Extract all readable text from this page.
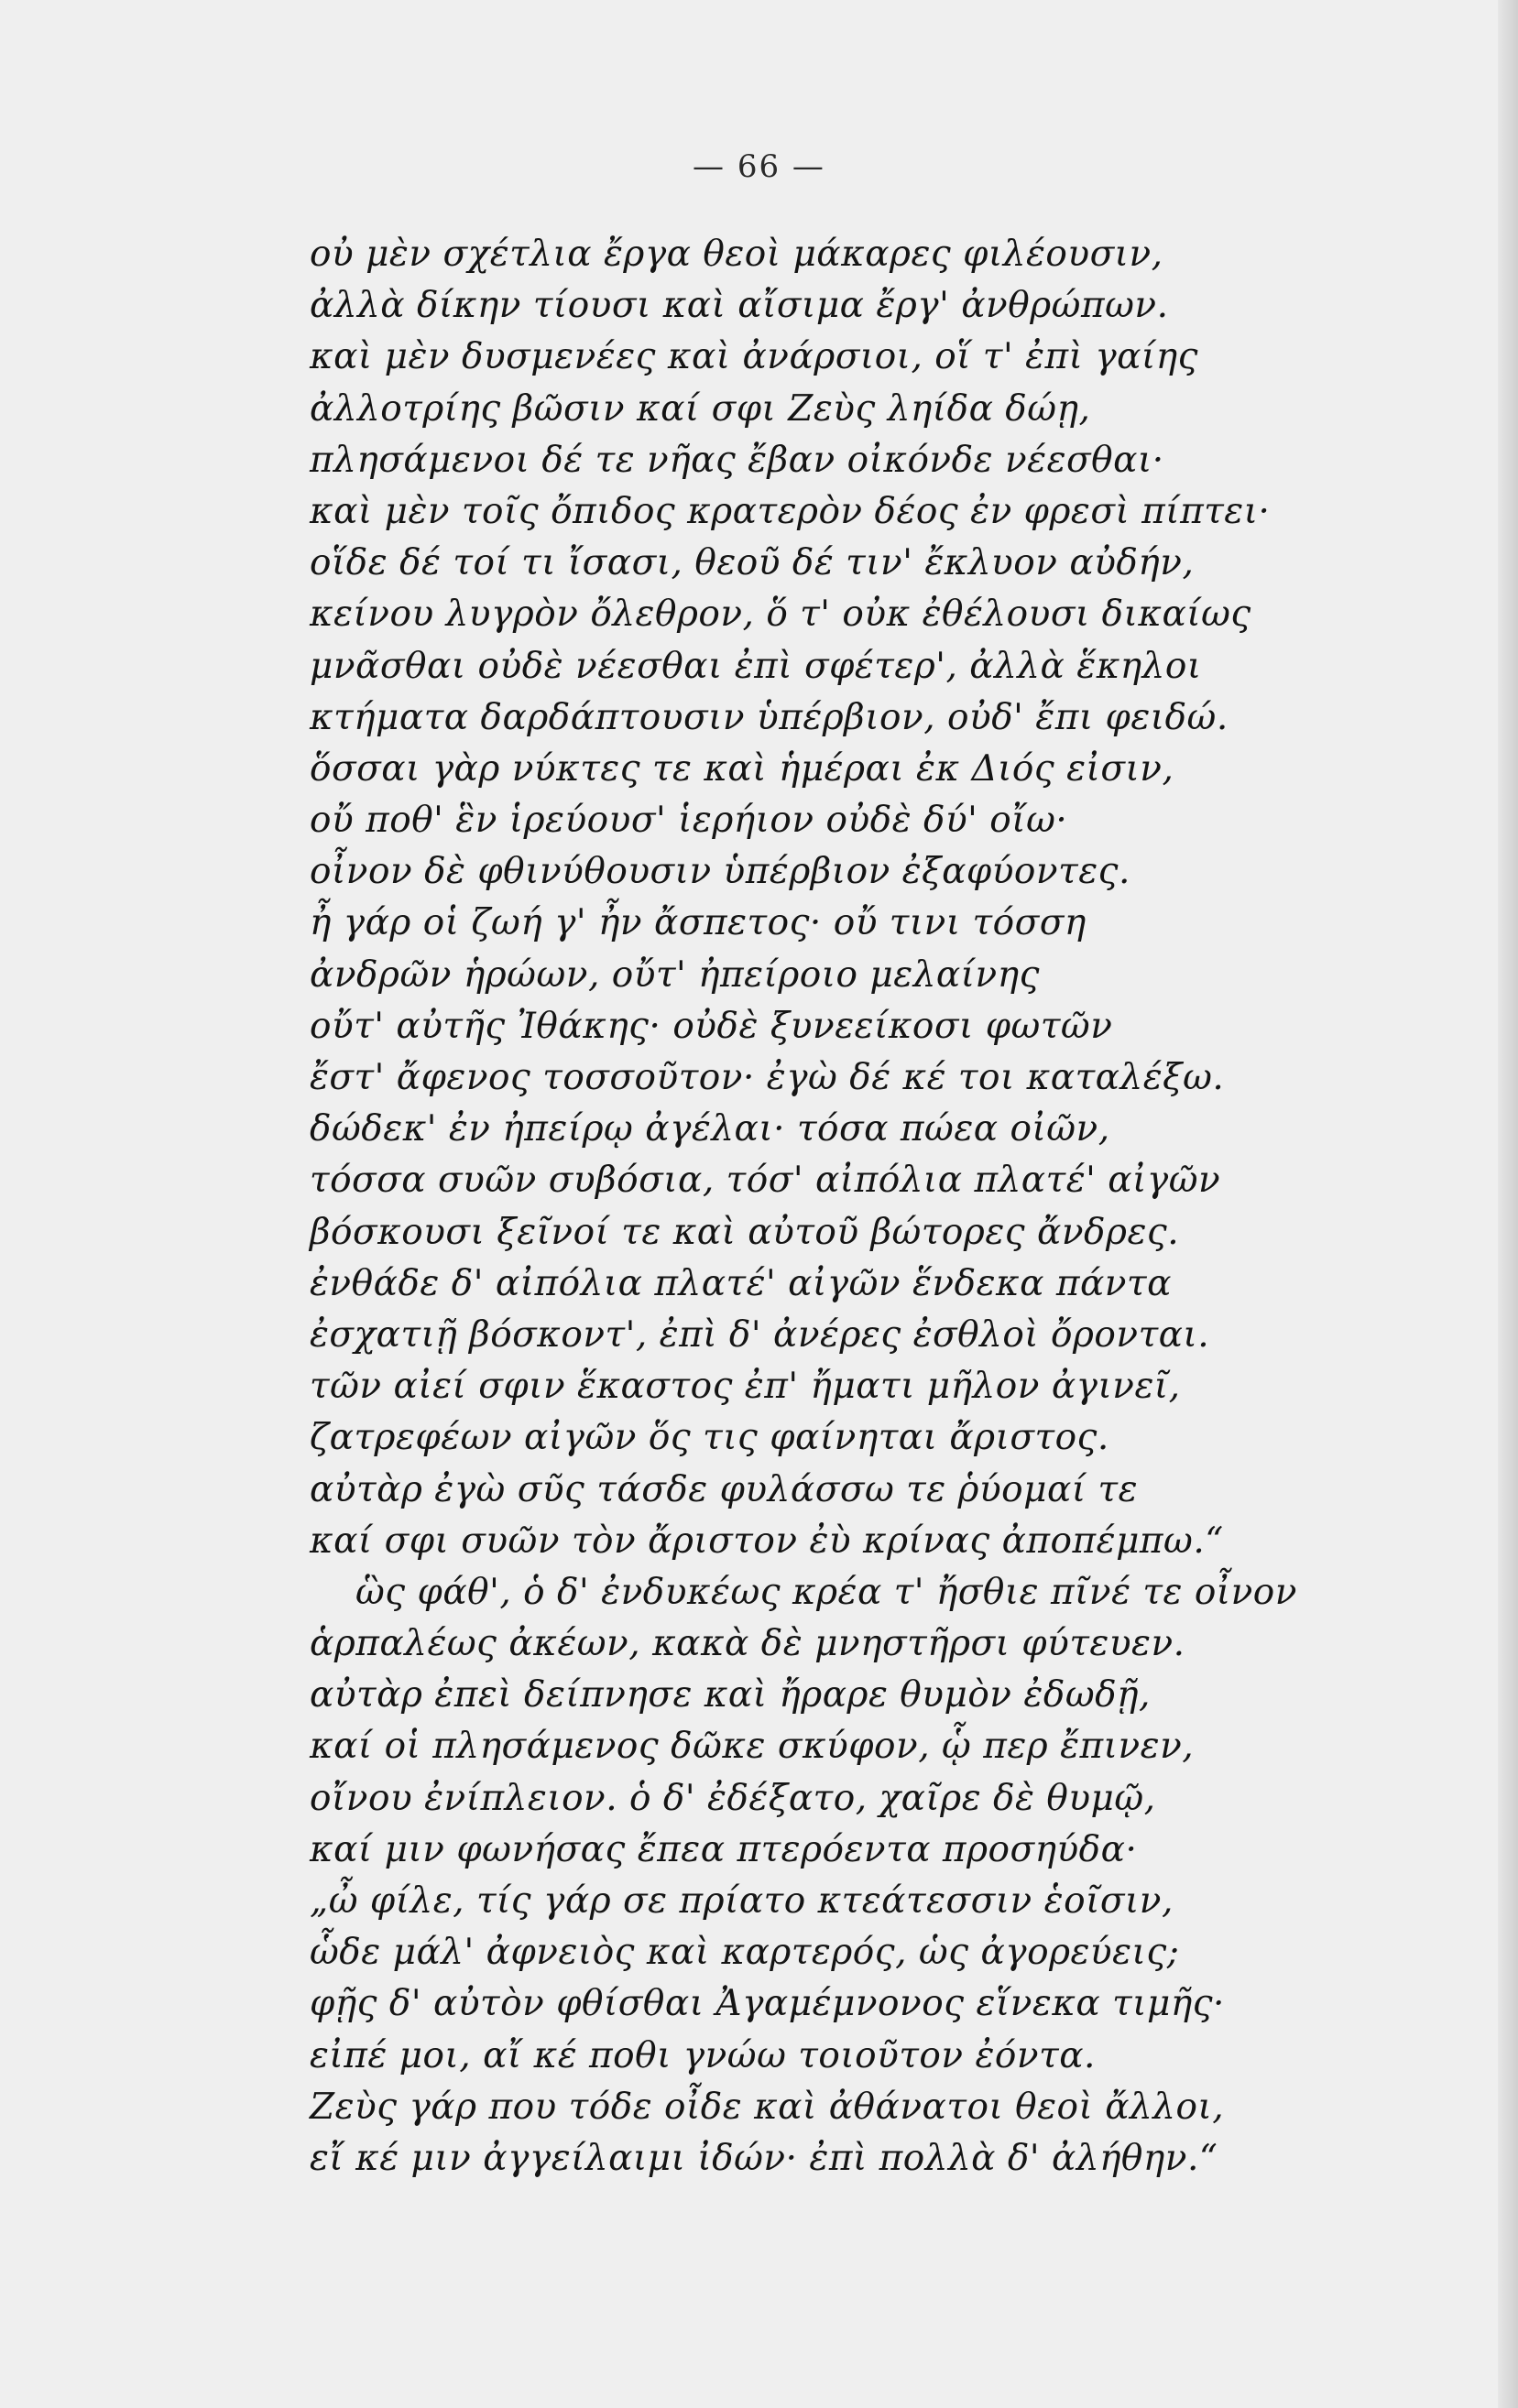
— 66 —
οὐ μὲν σχέτλια ἔργα θεοὶ μάκαρες φιλέουσιν,
ἀλλὰ δίκην τίουσι καὶ αἴσιμα ἔργ' ἀνθρώπων.
καὶ μὲν δυσμενέες καὶ ἀνάρσιοι, οἵ τ' ἐπὶ γαίης
ἀλλοτρίης βῶσιν καί σφι Ζεὺς ληίδα δώῃ,
πλησάμενοι δέ τε νῆας ἔβαν οἰκόνδε νέεσθαι·
καὶ μὲν τοῖς ὄπιδος κρατερὸν δέος ἐν φρεσὶ πίπτει·
οἵδε δέ τοί τι ἴσασι, θεοῦ δέ τιν' ἔκλυον αὐδήν,
κείνου λυγρὸν ὄλεθρον, ὅ τ' οὐκ ἐθέλουσι δικαίως
μνᾶσθαι οὐδὲ νέεσθαι ἐπὶ σφέτερ', ἀλλὰ ἕκηλοι
κτήματα δαρδάπτουσιν ὑπέρβιον, οὐδ' ἔπι φειδώ.
ὅσσαι γὰρ νύκτες τε καὶ ἡμέραι ἐκ Διός εἰσιν,
οὔ ποθ' ἓν ἱρεύουσ' ἱερήιον οὐδὲ δύ' οἴω·
οἶνον δὲ φθινύθουσιν ὑπέρβιον ἐξαφύοντες.
ἦ γάρ οἱ ζωή γ' ἦν ἄσπετος· οὔ τινι τόσση
ἀνδρῶν ἡρώων, οὔτ' ἠπείροιο μελαίνης
οὔτ' αὐτῆς Ἰθάκης· οὐδὲ ξυνεείκοσι φωτῶν
ἔστ' ἄφενος τοσσοῦτον· ἐγὼ δέ κέ τοι καταλέξω.
δώδεκ' ἐν ἠπείρῳ ἀγέλαι· τόσα πώεα οἰῶν,
τόσσα συῶν συβόσια, τόσ' αἰπόλια πλατέ' αἰγῶν
βόσκουσι ξεῖνοί τε καὶ αὐτοῦ βώτορες ἄνδρες.
ἐνθάδε δ' αἰπόλια πλατέ' αἰγῶν ἕνδεκα πάντα
ἐσχατιῇ βόσκοντ', ἐπὶ δ' ἀνέρες ἐσθλοὶ ὄρονται.
τῶν αἰεί σφιν ἕκαστος ἐπ' ἤματι μῆλον ἀγινεῖ,
ζατρεφέων αἰγῶν ὅς τις φαίνηται ἄριστος.
αὐτὰρ ἐγὼ σῦς τάσδε φυλάσσω τε ῥύομαί τε
καί σφι συῶν τὸν ἄριστον ἐὺ κρίνας ἀποπέμπω.“
ὣς φάθ', ὁ δ' ἐνδυκέως κρέα τ' ἤσθιε πῖνέ τε οἶνον
ἁρπαλέως ἀκέων, κακὰ δὲ μνηστῆρσι φύτευεν.
αὐτὰρ ἐπεὶ δείπνησε καὶ ἤραρε θυμὸν ἐδωδῇ,
καί οἱ πλησάμενος δῶκε σκύφον, ᾧ περ ἔπινεν,
οἴνου ἐνίπλειον. ὁ δ' ἐδέξατο, χαῖρε δὲ θυμῷ,
καί μιν φωνήσας ἔπεα πτερόεντα προσηύδα·
„ὦ φίλε, τίς γάρ σε πρίατο κτεάτεσσιν ἑοῖσιν,
ὧδε μάλ' ἀφνειὸς καὶ καρτερός, ὡς ἀγορεύεις;
φῇς δ' αὐτὸν φθίσθαι Ἀγαμέμνονος εἵνεκα τιμῆς·
εἰπέ μοι, αἴ κέ ποθι γνώω τοιοῦτον ἐόντα.
Ζεὺς γάρ που τόδε οἶδε καὶ ἀθάνατοι θεοὶ ἄλλοι,
εἴ κέ μιν ἀγγείλαιμι ἰδών· ἐπὶ πολλὰ δ' ἀλήθην.“
